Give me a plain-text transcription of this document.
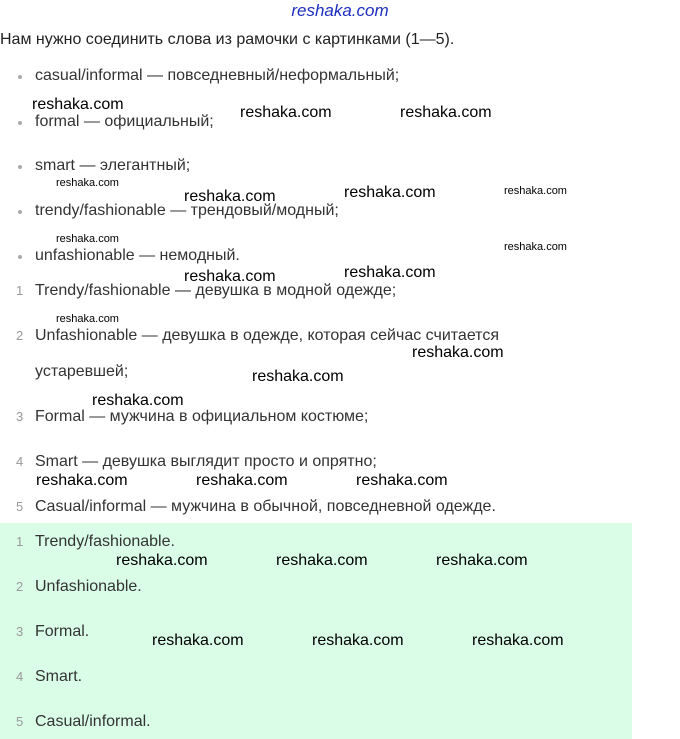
reshaka.com
Нам нужно соединить слова из рамочки с картинками (1—5).
casual/informal — повседневный/неформальный;
formal — официальный;
smart — элегантный;
trendy/fashionable — трендовый/модный;
unfashionable — немодный.
1 Trendy/fashionable — девушка в модной одежде;
2 Unfashionable — девушка в одежде, которая сейчас считается
устаревшей;
3 Formal — мужчина в официальном костюме;
4 Smart — девушка выглядит просто и опрятно;
5 Casual/informal — мужчина в обычной, повседневной одежде.
1 Trendy/fashionable.
2 Unfashionable.
3 Formal.
4 Smart.
5 Casual/informal.
reshaka.com	reshaka.com	reshaka.com
reshaka.com
reshaka.com	reshaka.com	reshaka.com
reshaka.com
reshaka.com
reshaka.com	reshaka.com
reshaka.com
reshaka.com
reshaka.com
reshaka.com
reshaka.com	reshaka.com	reshaka.com
reshaka.com	reshaka.com	reshaka.com
reshaka.com	reshaka.com	reshaka.com
